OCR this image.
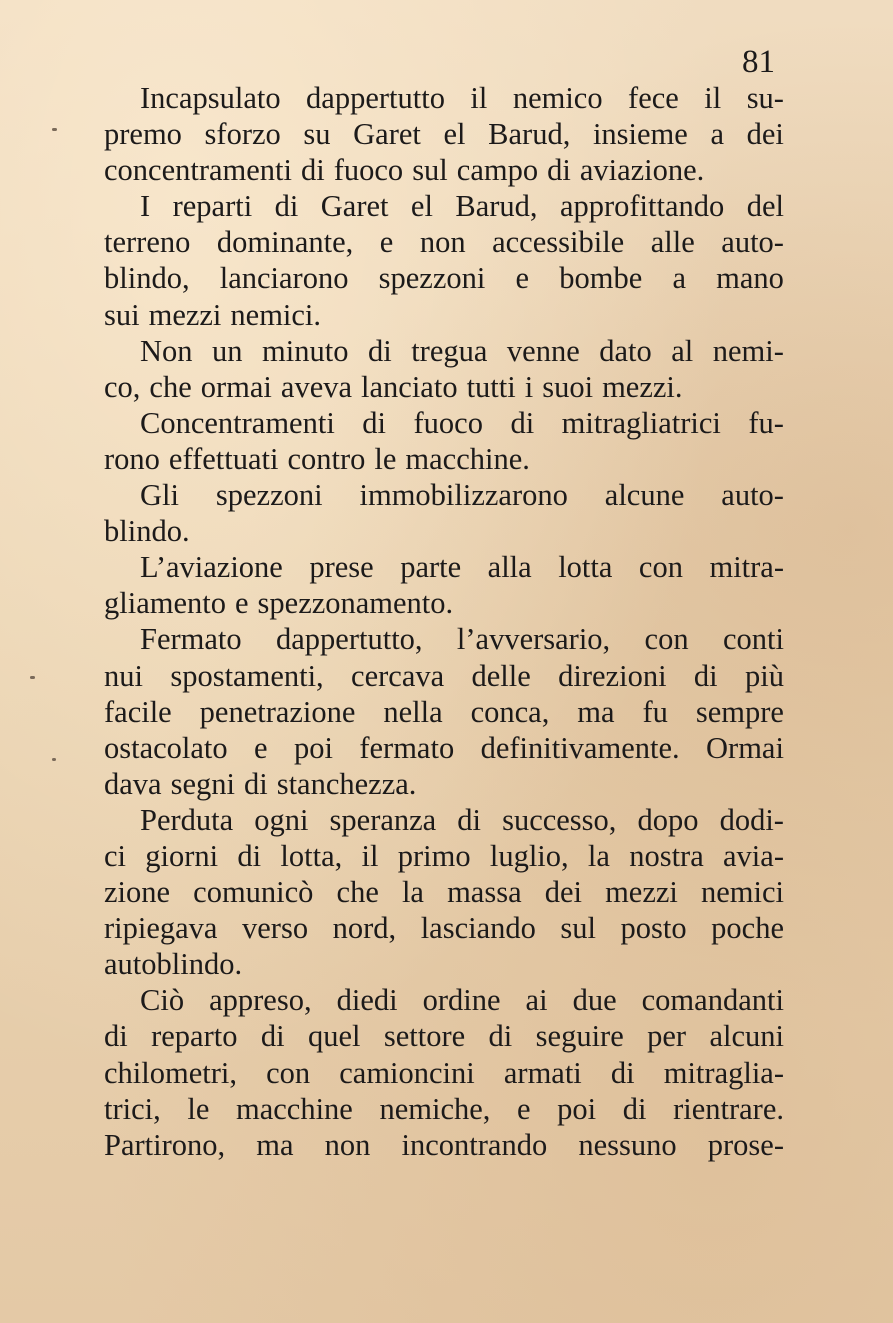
81
Incapsulato dappertutto il nemico fece il su-
premo sforzo su Garet el Barud, insieme a dei
concentramenti di fuoco sul campo di aviazione.
I reparti di Garet el Barud, approfittando del
terreno dominante, e non accessibile alle auto-
blindo, lanciarono spezzoni e bombe a mano
sui mezzi nemici.
Non un minuto di tregua venne dato al nemi-
co, che ormai aveva lanciato tutti i suoi mezzi.
Concentramenti di fuoco di mitragliatrici fu-
rono effettuati contro le macchine.
Gli spezzoni immobilizzarono alcune auto-
blindo.
L’aviazione prese parte alla lotta con mitra-
gliamento e spezzonamento.
Fermato dappertutto, l’avversario, con conti
nui spostamenti, cercava delle direzioni di più
facile penetrazione nella conca, ma fu sempre
ostacolato e poi fermato definitivamente. Ormai
dava segni di stanchezza.
Perduta ogni speranza di successo, dopo dodi-
ci giorni di lotta, il primo luglio, la nostra avia-
zione comunicò che la massa dei mezzi nemici
ripiegava verso nord, lasciando sul posto poche
autoblindo.
Ciò appreso, diedi ordine ai due comandanti
di reparto di quel settore di seguire per alcuni
chilometri, con camioncini armati di mitraglia-
trici, le macchine nemiche, e poi di rientrare.
Partirono, ma non incontrando nessuno prose-
